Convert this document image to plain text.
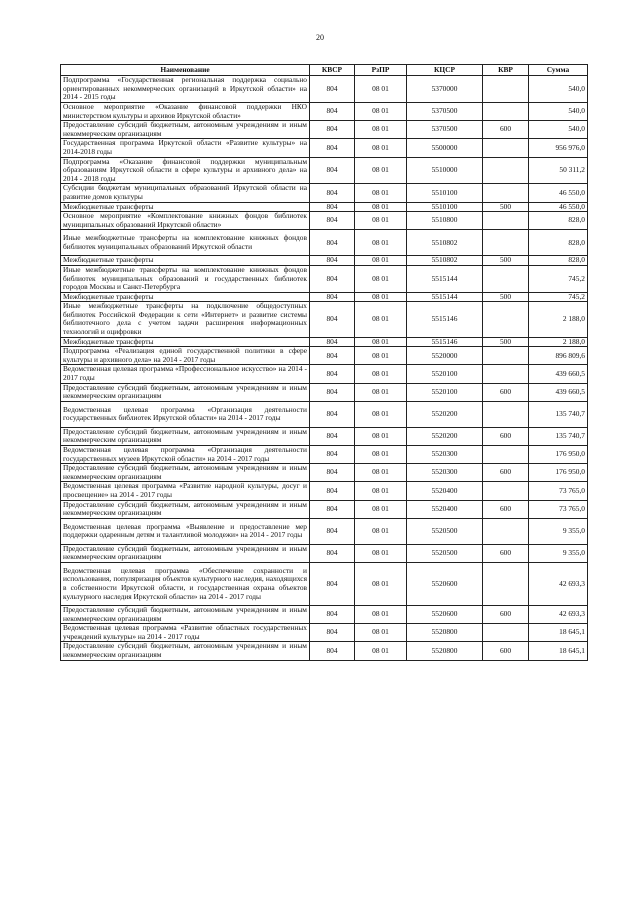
20
Наименование	КВСР	РзПР	КЦСР	КВР	Сумма
Подпрограмма «Государственная региональная поддержка социально ориентированных некоммерческих организаций в Иркутской области» на 2014 - 2015 годы	804	08 01	5370000		540,0
Основное мероприятие «Оказание финансовой поддержки НКО министерством культуры и архивов Иркутской области»	804	08 01	5370500		540,0
Предоставление субсидий бюджетным, автономным учреждениям и иным некоммерческим организациям	804	08 01	5370500	600	540,0
Государственная программа Иркутской области «Развитие культуры» на 2014-2018 годы	804	08 01	5500000		956 976,0
Подпрограмма «Оказание финансовой поддержки муниципальным образованиям Иркутской области в сфере культуры и архивного дела» на 2014 - 2018 годы	804	08 01	5510000		50 311,2
Субсидии бюджетам муниципальных образований Иркутской области на развитие домов культуры	804	08 01	5510100		46 550,0
Межбюджетные трансферты	804	08 01	5510100	500	46 550,0
Основное мероприятие «Комплектование книжных фондов библиотек муниципальных образований Иркутской области»	804	08 01	5510800		828,0
Иные межбюджетные трансферты на комплектование книжных фондов библиотек муниципальных образований Иркутской области	804	08 01	5510802		828,0
Межбюджетные трансферты	804	08 01	5510802	500	828,0
Иные межбюджетные трансферты на комплектование книжных фондов библиотек муниципальных образований и государственных библиотек городов Москвы и Санкт-Петербурга	804	08 01	5515144		745,2
Межбюджетные трансферты	804	08 01	5515144	500	745,2
Иные межбюджетные трансферты на подключение общедоступных библиотек Российской Федерации к сети «Интернет» и развитие системы библиотечного дела с учетом задачи расширения информационных технологий и оцифровки	804	08 01	5515146		2 188,0
Межбюджетные трансферты	804	08 01	5515146	500	2 188,0
Подпрограмма «Реализация единой государственной политики в сфере культуры и архивного дела» на 2014 - 2017 годы	804	08 01	5520000		896 809,6
Ведомственная целевая программа «Профессиональное искусство» на 2014 - 2017 годы	804	08 01	5520100		439 660,5
Предоставление субсидий бюджетным, автономным учреждениям и иным некоммерческим организациям	804	08 01	5520100	600	439 660,5
Ведомственная целевая программа «Организация деятельности государственных библиотек Иркутской области» на 2014 - 2017 годы	804	08 01	5520200		135 740,7
Предоставление субсидий бюджетным, автономным учреждениям и иным некоммерческим организациям	804	08 01	5520200	600	135 740,7
Ведомственная целевая программа «Организация деятельности государственных музеев Иркутской области» на 2014 - 2017 годы	804	08 01	5520300		176 950,0
Предоставление субсидий бюджетным, автономным учреждениям и иным некоммерческим организациям	804	08 01	5520300	600	176 950,0
Ведомственная целевая программа «Развитие народной культуры, досуг и просвещение» на 2014 - 2017 годы	804	08 01	5520400		73 765,0
Предоставление субсидий бюджетным, автономным учреждениям и иным некоммерческим организациям	804	08 01	5520400	600	73 765,0
Ведомственная целевая программа «Выявление и предоставление мер поддержки одаренным детям и талантливой молодежи» на 2014 - 2017 годы	804	08 01	5520500		9 355,0
Предоставление субсидий бюджетным, автономным учреждениям и иным некоммерческим организациям	804	08 01	5520500	600	9 355,0
Ведомственная целевая программа «Обеспечение сохранности и использования, популяризация объектов культурного наследия, находящихся в собственности Иркутской области, и государственная охрана объектов культурного наследия Иркутской области» на 2014 - 2017 годы	804	08 01	5520600		42 693,3
Предоставление субсидий бюджетным, автономным учреждениям и иным некоммерческим организациям	804	08 01	5520600	600	42 693,3
Ведомственная целевая программа «Развитие областных государственных учреждений культуры» на 2014 - 2017 годы	804	08 01	5520800		18 645,1
Предоставление субсидий бюджетным, автономным учреждениям и иным некоммерческим организациям	804	08 01	5520800	600	18 645,1
